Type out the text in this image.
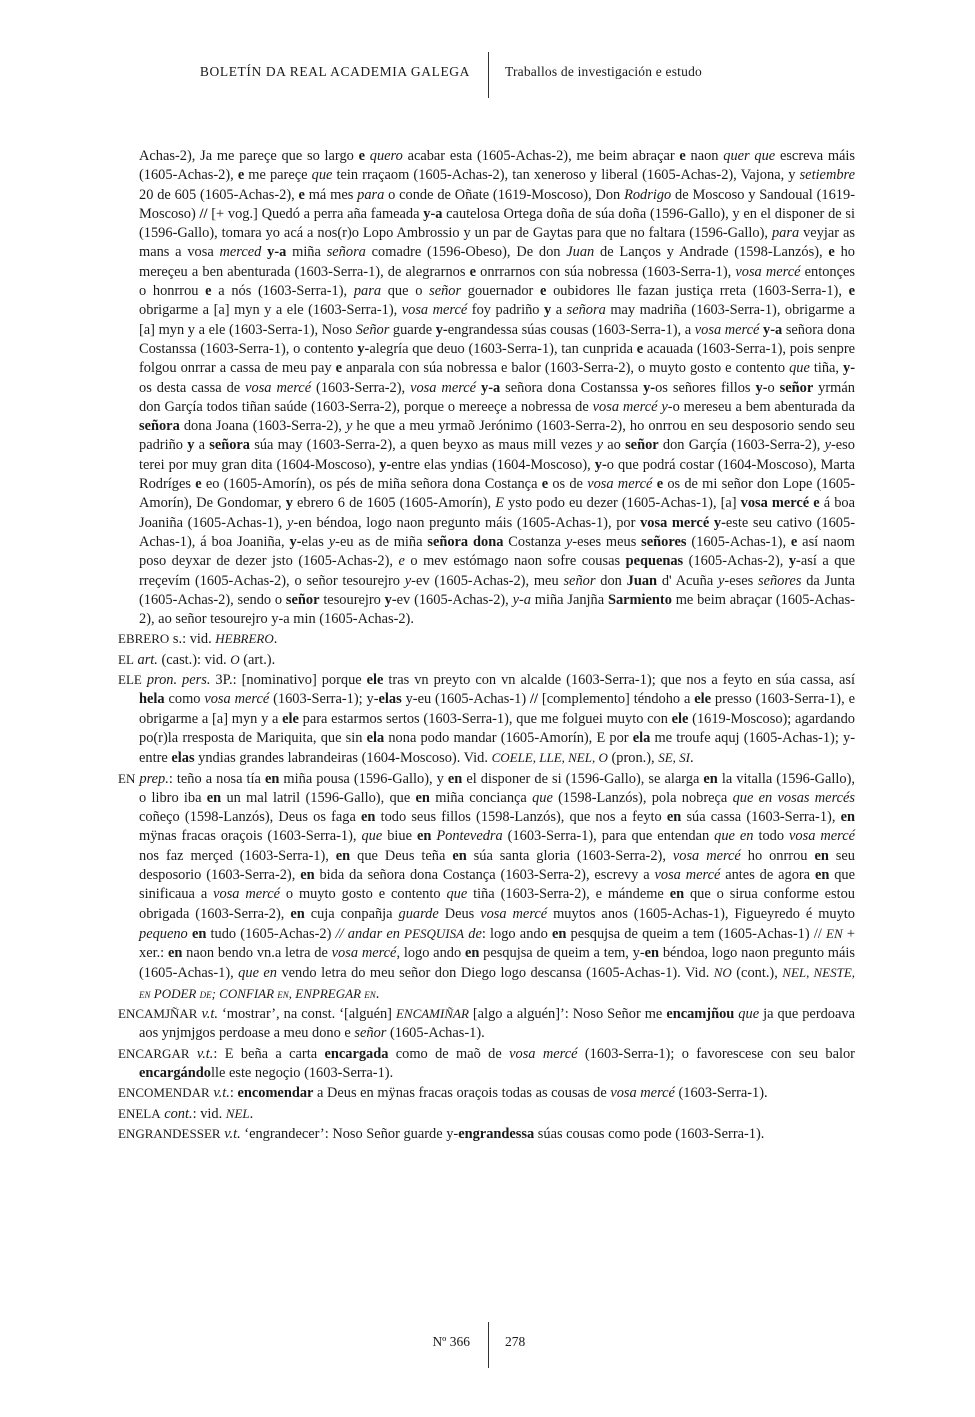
BOLETÍN DA REAL ACADEMIA GALEGA	Traballos de investigación e estudo

Achas-2), Ja me pareçe que so largo e quero acabar esta (1605-Achas-2), me beim abraçar e naon quer que escreva máis (1605-Achas-2), e me pareçe que tein rraçaom (1605-Achas-2), tan xeneroso y liberal (1605-Achas-2), Vajona, y setiembre 20 de 605 (1605-Achas-2), e má mes para o conde de Oñate (1619-Moscoso), Don Rodrigo de Moscoso y Sandoual (1619-Moscoso) // [+ vog.] Quedó a perra aña fameada y-a cautelosa Ortega doña de súa doña (1596-Gallo), y en el disponer de si (1596-Gallo), tomara yo acá a nos(r)o Lopo Ambrossio y un par de Gaytas para que no faltara (1596-Gallo), para veyjar as mans a vosa merced y-a miña señora comadre (1596-Obeso), De don Juan de Lanços y Andrade (1598-Lanzós), e ho mereçeu a ben abenturada (1603-Serra-1), de alegrarnos e onrrarnos con súa nobressa (1603-Serra-1), vosa mercé entonçes o honrrou e a nós (1603-Serra-1), para que o señor gouernador e oubidores lle fazan justiça rreta (1603-Serra-1), e obrigarme a [a] myn y a ele (1603-Serra-1), vosa mercé foy padriño y a señora may madriña (1603-Serra-1), obrigarme a [a] myn y a ele (1603-Serra-1), Noso Señor guarde y-engrandessa súas cousas (1603-Serra-1), a vosa mercé y-a señora dona Costanssa (1603-Serra-1), o contento y-alegría que deuo (1603-Serra-1), tan cunprida e acauada (1603-Serra-1), pois senpre folgou onrrar a cassa de meu pay e anparala con súa nobressa e balor (1603-Serra-2), o muyto gosto e contento que tiña, y-os desta cassa de vosa mercé (1603-Serra-2), vosa mercé y-a señora dona Costanssa y-os señores fillos y-o señor yrmán don Garçía todos tiñan saúde (1603-Serra-2), porque o mereeçe a nobressa de vosa mercé y-o mereseu a bem abenturada da señora dona Joana (1603-Serra-2), y he que a meu yrmaõ Jerónimo (1603-Serra-2), ho onrrou en seu desposorio sendo seu padriño y a señora súa may (1603-Serra-2), a quen beyxo as maus mill vezes y ao señor don Garçía (1603-Serra-2), y-eso terei por muy gran dita (1604-Moscoso), y-entre elas yndias (1604-Moscoso), y-o que podrá costar (1604-Moscoso), Marta Rodríges e eo (1605-Amorín), os pés de miña señora dona Costança e os de vosa mercé e os de mi señor don Lope (1605-Amorín), De Gondomar, y ebrero 6 de 1605 (1605-Amorín), E ysto podo eu dezer (1605-Achas-1), [a] vosa mercé e á boa Joaniña (1605-Achas-1), y-en béndoa, logo naon pregunto máis (1605-Achas-1), por vosa mercé y-este seu cativo (1605-Achas-1), á boa Joaniña, y-elas y-eu as de miña señora dona Costanza y-eses meus señores (1605-Achas-1), e así naom poso deyxar de dezer jsto (1605-Achas-2), e o mev estómago naon sofre cousas pequenas (1605-Achas-2), y-así a que rreçevím (1605-Achas-2), o señor tesourejro y-ev (1605-Achas-2), meu señor don Juan d' Acuña y-eses señores da Junta (1605-Achas-2), sendo o señor tesourejro y-ev (1605-Achas-2), y-a miña Janjña Sarmiento me beim abraçar (1605-Achas-2), ao señor tesourejro y-a min (1605-Achas-2).

EBRERO s.: vid. HEBRERO.

EL art. (cast.): vid. O (art.).

ELE pron. pers. 3P.: [nominativo] porque ele tras vn preyto con vn alcalde (1603-Serra-1); que nos a feyto en súa cassa, así hela como vosa mercé (1603-Serra-1); y-elas y-eu (1605-Achas-1) // [complemento] téndoho a ele presso (1603-Serra-1), e obrigarme a [a] myn y a ele para estarmos sertos (1603-Serra-1), que me folguei muyto con ele (1619-Moscoso); agardando po(r)la rresposta de Mariquita, que sin ela nona podo mandar (1605-Amorín), E por ela me troufe aquj (1605-Achas-1); y-entre elas yndias grandes labrandeiras (1604-Moscoso). Vid. COELE, LLE, NEL, O (pron.), SE, SI.

EN prep.: teño a nosa tía en miña pousa (1596-Gallo), y en el disponer de si (1596-Gallo), se alarga en la vitalla (1596-Gallo), o libro iba en un mal latril (1596-Gallo), que en miña conciança que (1598-Lanzós), pola nobreça que en vosas mercés coñeço (1598-Lanzós), Deus os faga en todo seus fillos (1598-Lanzós), que nos a feyto en súa cassa (1603-Serra-1), en mÿnas fracas oraçois (1603-Serra-1), que biue en Pontevedra (1603-Serra-1), para que entendan que en todo vosa mercé nos faz merçed (1603-Serra-1), en que Deus teña en súa santa gloria (1603-Serra-2), vosa mercé ho onrrou en seu desposorio (1603-Serra-2), en bida da señora dona Costança (1603-Serra-2), escrevy a vosa mercé antes de agora en que sinificaua a vosa mercé o muyto gosto e contento que tiña (1603-Serra-2), e mándeme en que o sirua conforme estou obrigada (1603-Serra-2), en cuja conpañja guarde Deus vosa mercé muytos anos (1605-Achas-1), Figueyredo é muyto pequeno en tudo (1605-Achas-2) // andar en PESQUISA de: logo ando en pesqujsa de queim a tem (1605-Achas-1) // EN + xer.: en naon bendo vn.a letra de vosa mercé, logo ando en pesqujsa de queim a tem, y-en béndoa, logo naon pregunto máis (1605-Achas-1), que en vendo letra do meu señor don Diego logo descansa (1605-Achas-1). Vid. NO (cont.), NEL, NESTE, en PODER de; CONFIAR en, ENPREGAR en.

ENCAMJÑAR v.t. ‘mostrar’, na const. ‘[alguén] ENCAMIÑAR [algo a alguén]’: Noso Señor me encamjñou que ja que perdoava aos ynjmjgos perdoase a meu dono e señor (1605-Achas-1).

ENCARGAR v.t.: E beña a carta encargada como de maõ de vosa mercé (1603-Serra-1); o favorescese con seu balor encargándolle este negoçio (1603-Serra-1).

ENCOMENDAR v.t.: encomendar a Deus en mÿnas fracas oraçois todas as cousas de vosa mercé (1603-Serra-1).

ENELA cont.: vid. NEL.

ENGRANDESSER v.t. ‘engrandecer’: Noso Señor guarde y-engrandessa súas cousas como pode (1603-Serra-1).

Nº 366	278
